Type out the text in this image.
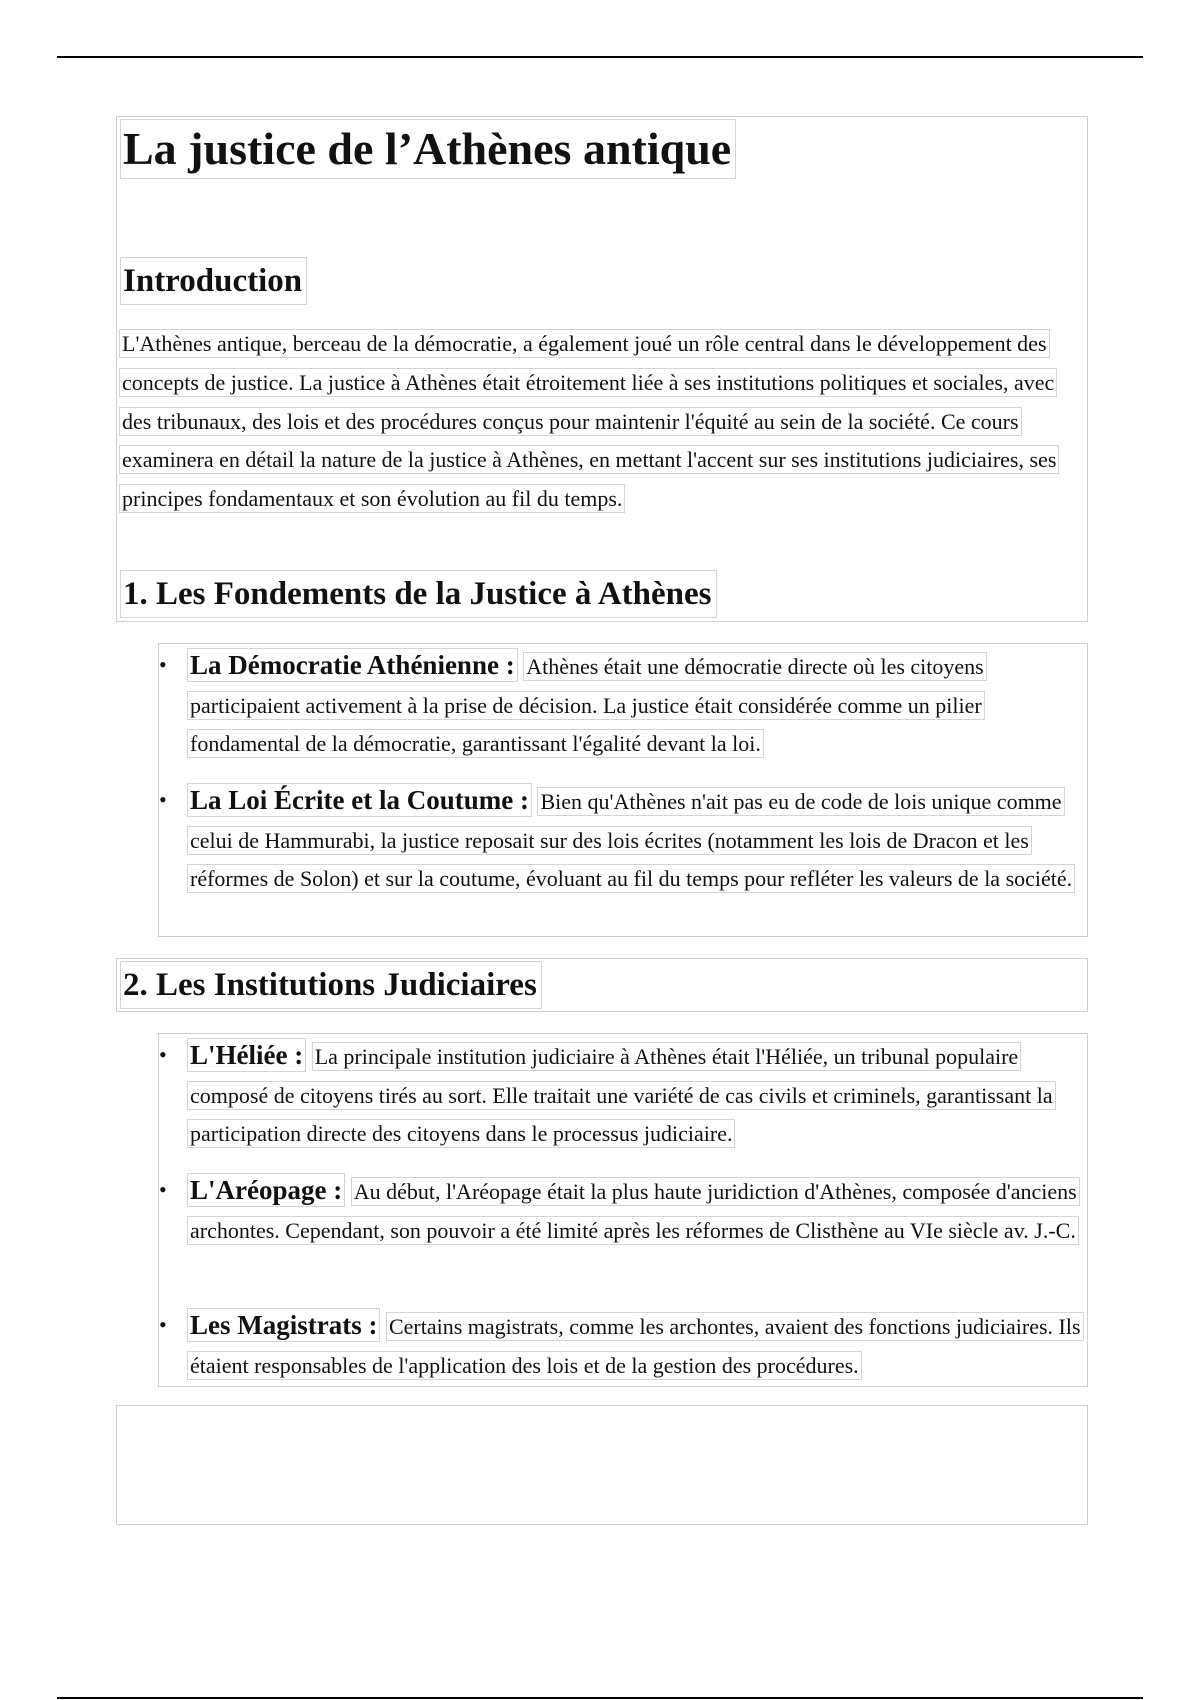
La justice de l’Athènes antique
Introduction
L'Athènes antique, berceau de la démocratie, a également joué un rôle central dans le développement des concepts de justice. La justice à Athènes était étroitement liée à ses institutions politiques et sociales, avec des tribunaux, des lois et des procédures conçus pour maintenir l'équité au sein de la société. Ce cours examinera en détail la nature de la justice à Athènes, en mettant l'accent sur ses institutions judiciaires, ses principes fondamentaux et son évolution au fil du temps.
1. Les Fondements de la Justice à Athènes
• La Démocratie Athénienne : Athènes était une démocratie directe où les citoyens participaient activement à la prise de décision. La justice était considérée comme un pilier fondamental de la démocratie, garantissant l'égalité devant la loi.
• La Loi Écrite et la Coutume : Bien qu'Athènes n'ait pas eu de code de lois unique comme celui de Hammurabi, la justice reposait sur des lois écrites (notamment les lois de Dracon et les réformes de Solon) et sur la coutume, évoluant au fil du temps pour refléter les valeurs de la société.
2. Les Institutions Judiciaires
• L'Héliée : La principale institution judiciaire à Athènes était l'Héliée, un tribunal populaire composé de citoyens tirés au sort. Elle traitait une variété de cas civils et criminels, garantissant la participation directe des citoyens dans le processus judiciaire.
• L'Aréopage : Au début, l'Aréopage était la plus haute juridiction d'Athènes, composée d'anciens archontes. Cependant, son pouvoir a été limité après les réformes de Clisthène au VIe siècle av. J.-C.
• Les Magistrats : Certains magistrats, comme les archontes, avaient des fonctions judiciaires. Ils étaient responsables de l'application des lois et de la gestion des procédures.
